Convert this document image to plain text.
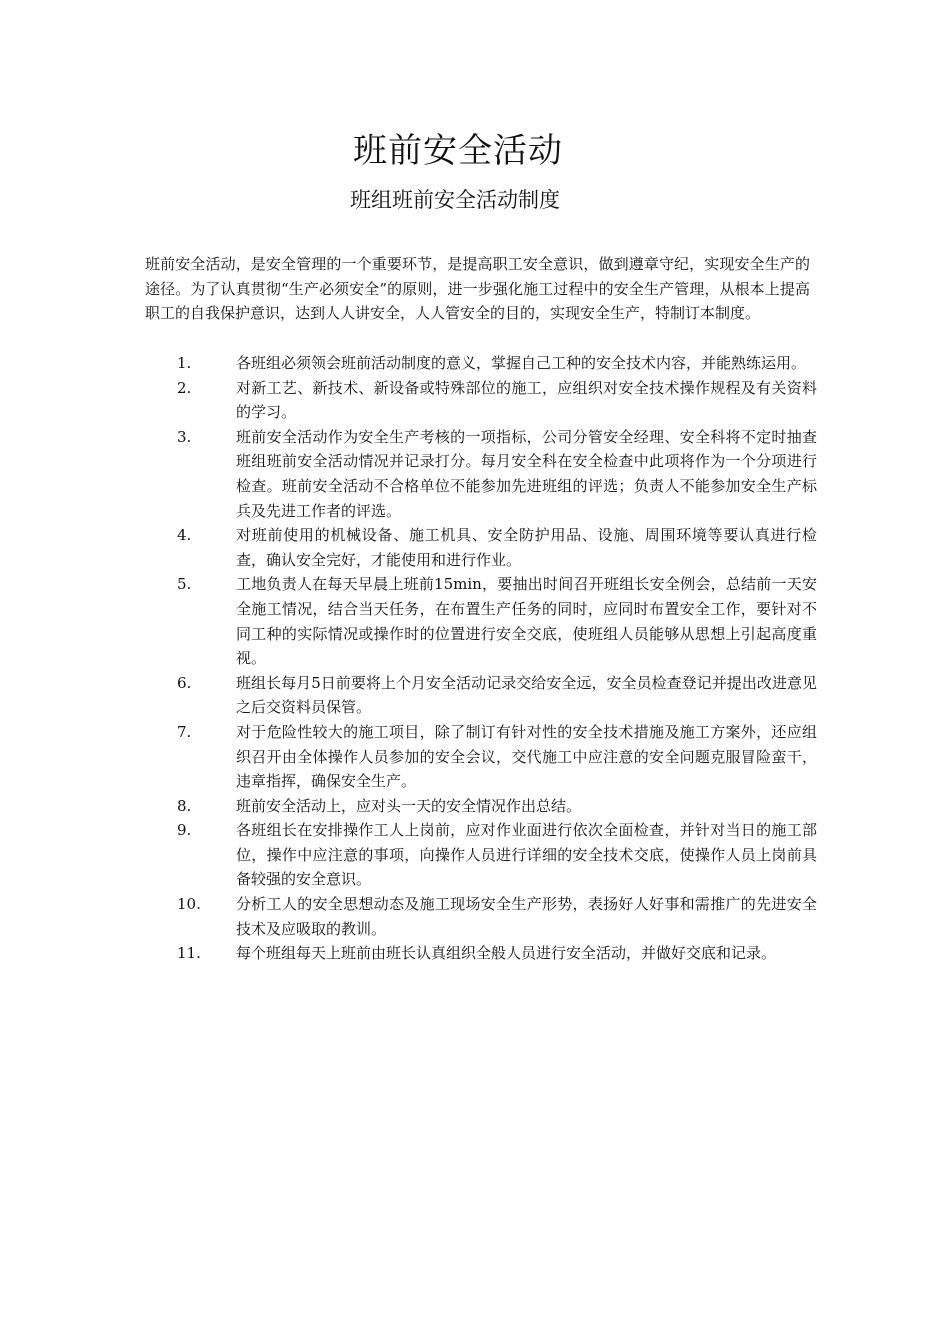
班前安全活动
班组班前安全活动制度

班前安全活动，是安全管理的一个重要环节，是提高职工安全意识，做到遵章守纪，实现安全生产的途径。为了认真贯彻“生产必须安全”的原则，进一步强化施工过程中的安全生产管理，从根本上提高职工的自我保护意识，达到人人讲安全，人人管安全的目的，实现安全生产，特制订本制度。

1.	各班组必须领会班前活动制度的意义，掌握自己工种的安全技术内容，并能熟练运用。
2.	对新工艺、新技术、新设备或特殊部位的施工，应组织对安全技术操作规程及有关资料的学习。
3.	班前安全活动作为安全生产考核的一项指标，公司分管安全经理、安全科将不定时抽查班组班前安全活动情况并记录打分。每月安全科在安全检查中此项将作为一个分项进行检查。班前安全活动不合格单位不能参加先进班组的评选；负责人不能参加安全生产标兵及先进工作者的评选。
4.	对班前使用的机械设备、施工机具、安全防护用品、设施、周围环境等要认真进行检查，确认安全完好，才能使用和进行作业。
5.	工地负责人在每天早晨上班前15min，要抽出时间召开班组长安全例会，总结前一天安全施工情况，结合当天任务，在布置生产任务的同时，应同时布置安全工作，要针对不同工种的实际情况或操作时的位置进行安全交底，使班组人员能够从思想上引起高度重视。
6.	班组长每月5日前要将上个月安全活动记录交给安全远，安全员检查登记并提出改进意见之后交资料员保管。
7.	对于危险性较大的施工项目，除了制订有针对性的安全技术措施及施工方案外，还应组织召开由全体操作人员参加的安全会议，交代施工中应注意的安全问题克服冒险蛮干，违章指挥，确保安全生产。
8.	班前安全活动上，应对头一天的安全情况作出总结。
9.	各班组长在安排操作工人上岗前，应对作业面进行依次全面检查，并针对当日的施工部位，操作中应注意的事项，向操作人员进行详细的安全技术交底，使操作人员上岗前具备较强的安全意识。
10. 分析工人的安全思想动态及施工现场安全生产形势，表扬好人好事和需推广的先进安全技术及应吸取的教训。
11. 每个班组每天上班前由班长认真组织全般人员进行安全活动，并做好交底和记录。
